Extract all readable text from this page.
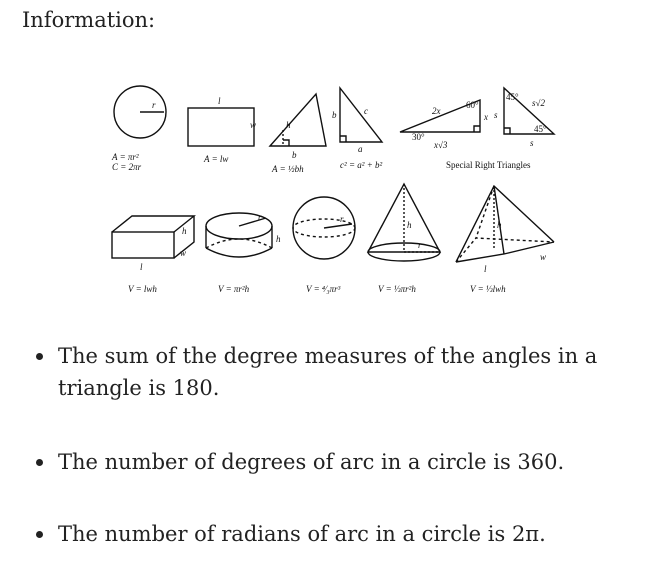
Information:
r
A = πr²
C = 2πr
l
w
A = lw
h
b
A = ½bh
b	c
a
c² = a² + b²
2x
60°
x
30°
x√3
45°
s√2
s
45°
s
Special Right Triangles
h
w
l
V = lwh
r
h
V = πr²h
r
V = ⁴⁄₃πr³
h
r
V = ⅓πr²h
h
w
l
V = ⅓lwh
The sum of the degree measures of the angles in a triangle is 180.
The number of degrees of arc in a circle is 360.
The number of radians of arc in a circle is 2π.
